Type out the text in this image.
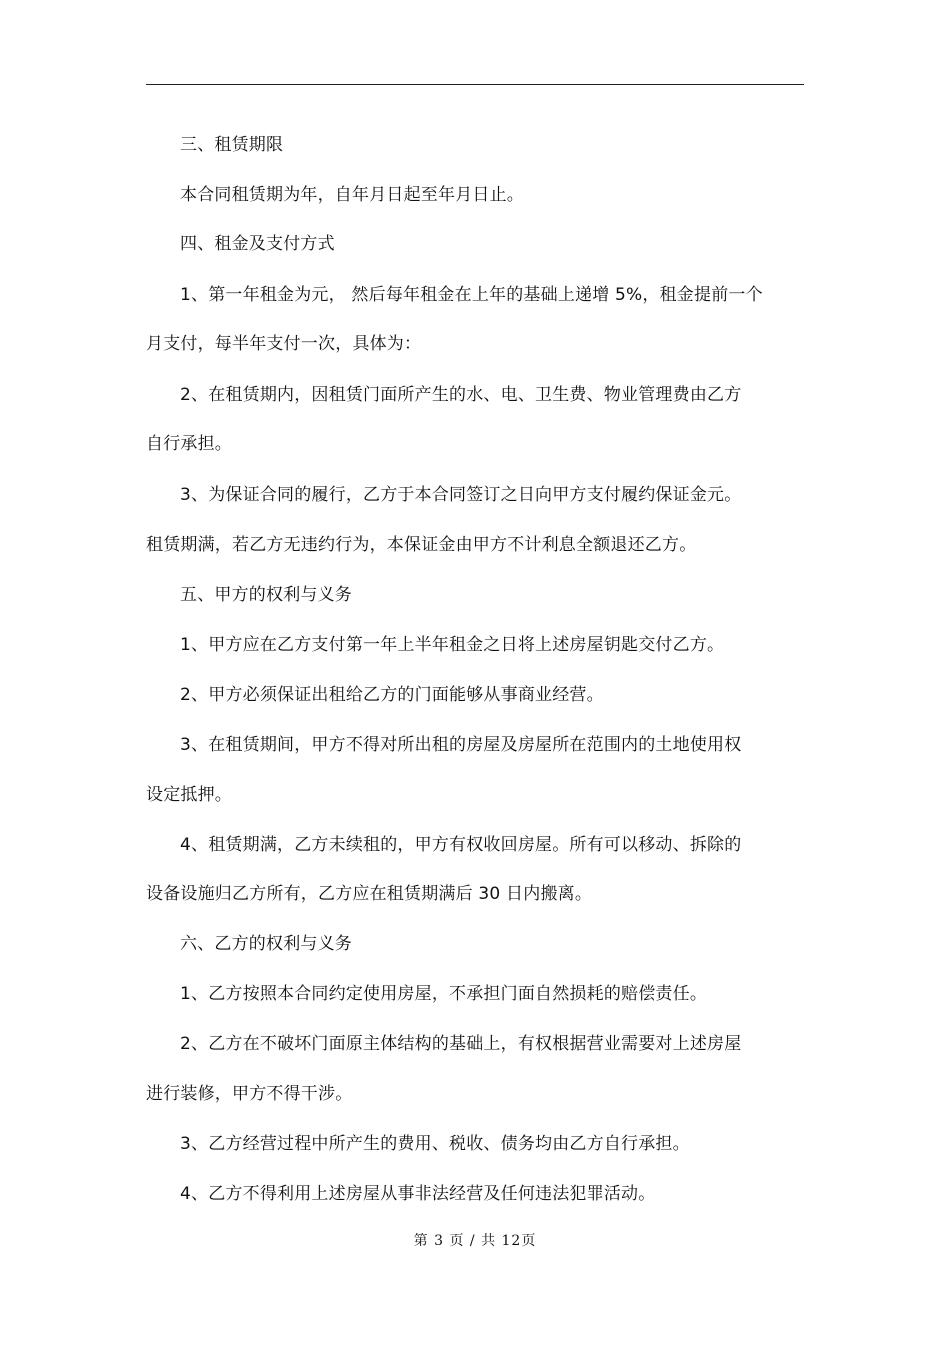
三、租赁期限
本合同租赁期为年，自年月日起至年月日止。
四、租金及支付方式
1、第一年租金为元， 然后每年租金在上年的基础上递增 5%，租金提前一个
月支付，每半年支付一次，具体为：
2、在租赁期内，因租赁门面所产生的水、电、卫生费、物业管理费由乙方
自行承担。
3、为保证合同的履行，乙方于本合同签订之日向甲方支付履约保证金元。
租赁期满，若乙方无违约行为，本保证金由甲方不计利息全额退还乙方。
五、甲方的权利与义务
1、甲方应在乙方支付第一年上半年租金之日将上述房屋钥匙交付乙方。
2、甲方必须保证出租给乙方的门面能够从事商业经营。
3、在租赁期间，甲方不得对所出租的房屋及房屋所在范围内的土地使用权
设定抵押。
4、租赁期满，乙方未续租的，甲方有权收回房屋。所有可以移动、拆除的
设备设施归乙方所有，乙方应在租赁期满后 30 日内搬离。
六、乙方的权利与义务
1、乙方按照本合同约定使用房屋，不承担门面自然损耗的赔偿责任。
2、乙方在不破坏门面原主体结构的基础上，有权根据营业需要对上述房屋
进行装修，甲方不得干涉。
3、乙方经营过程中所产生的费用、税收、债务均由乙方自行承担。
4、乙方不得利用上述房屋从事非法经营及任何违法犯罪活动。
第 3 页 / 共 12页
